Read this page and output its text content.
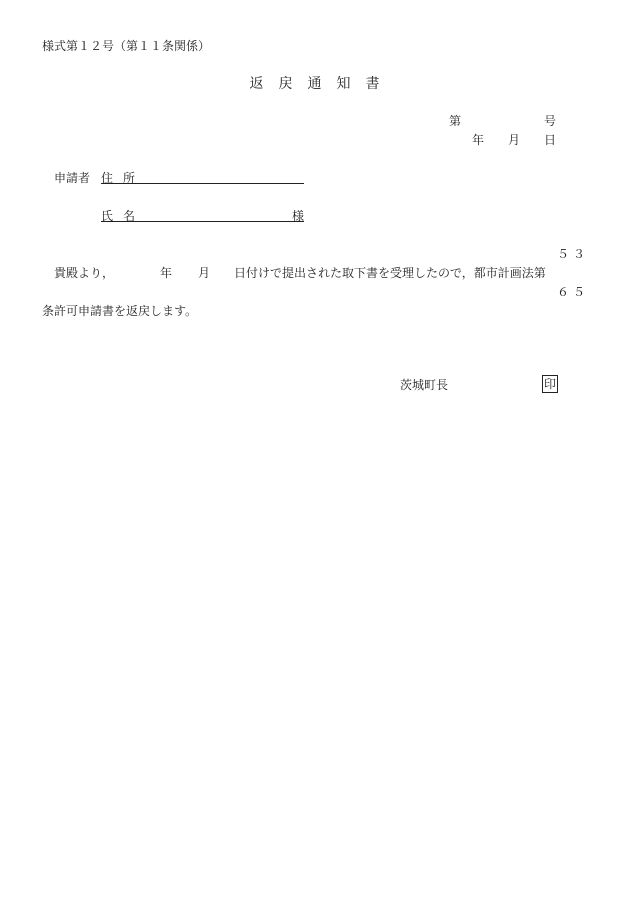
様式第１２号（第１１条関係）
返戻通知書
第	号
年 月 日
申請者 住所
氏名	様
５３
貴殿より，	年 月 日付けで提出された取下書を受理したので，都市計画法第
６５
条許可申請書を返戻します。
茨城町長	印
